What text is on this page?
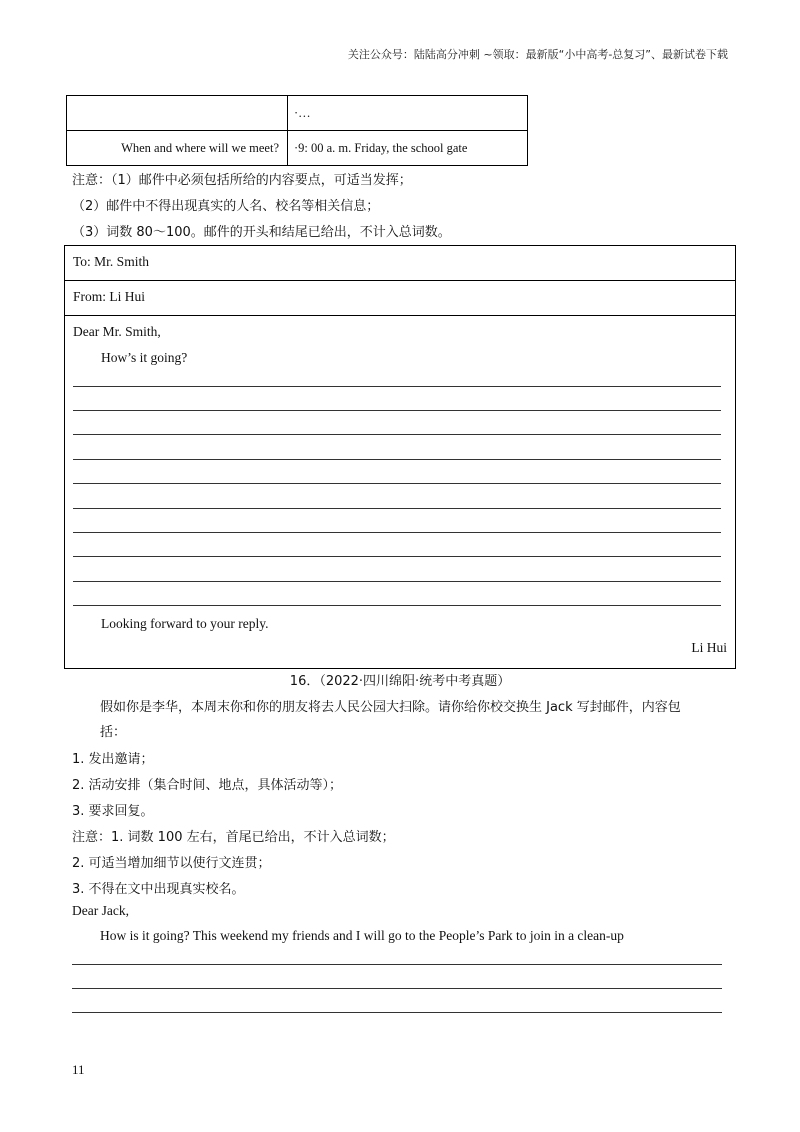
关注公众号：陆陆高分冲刺 ~领取：最新版“小中高考-总复习”、最新试卷下载
	·…
When and where will we meet?	·9: 00 a. m. Friday, the school gate
注意：（1）邮件中必须包括所给的内容要点，可适当发挥；
（2）邮件中不得出现真实的人名、校名等相关信息；
（3）词数 80～100。邮件的开头和结尾已给出，不计入总词数。
To: Mr. Smith
From: Li Hui
Dear Mr. Smith,
How’s it going?
Looking forward to your reply.
Li Hui
16．（2022·四川绵阳·统考中考真题）
假如你是李华，本周末你和你的朋友将去人民公园大扫除。请你给你校交换生 Jack 写封邮件，内容包
括：
1. 发出邀请；
2. 活动安排（集合时间、地点，具体活动等）；
3. 要求回复。
注意：1. 词数 100 左右，首尾已给出，不计入总词数；
2. 可适当增加细节以使行文连贯；
3. 不得在文中出现真实校名。
Dear Jack,
How is it going? This weekend my friends and I will go to the People’s Park to join in a clean-up
11
